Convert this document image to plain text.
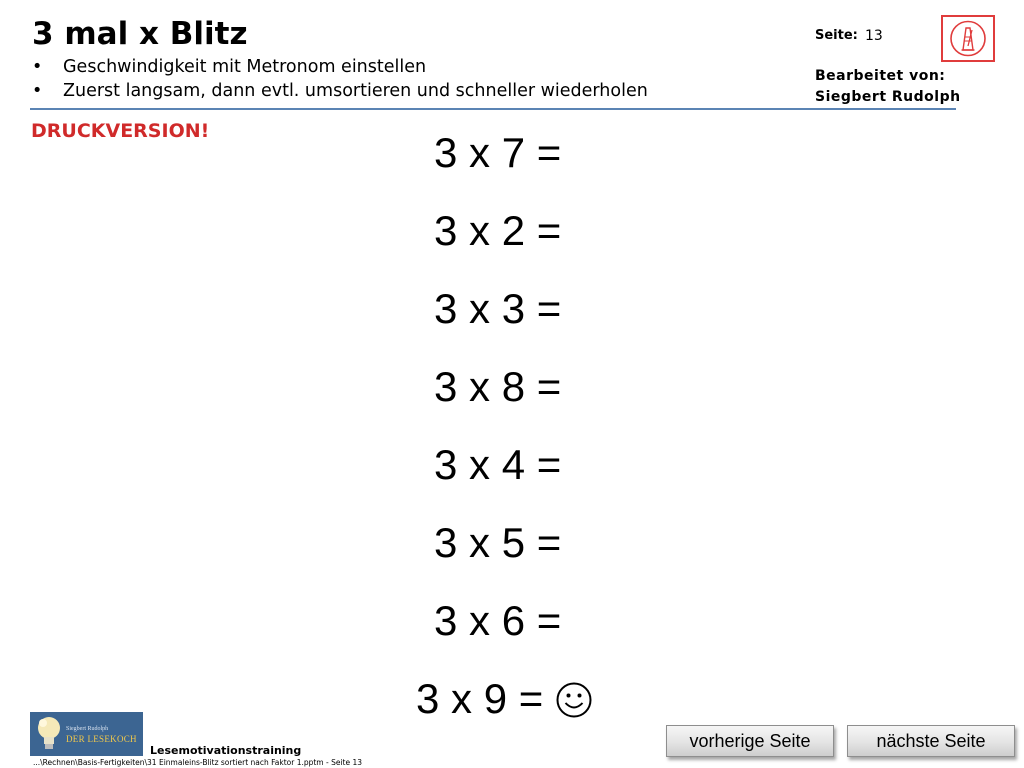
3 mal x Blitz
• Geschwindigkeit mit Metronom einstellen
• Zuerst langsam, dann evtl. umsortieren und schneller wiederholen
DRUCKVERSION!
Seite: 13
Bearbeitet von:
Siegbert Rudolph
3 x 7 =
3 x 2 =
3 x 3 =
3 x 8 =
3 x 4 =
3 x 5 =
3 x 6 =
3 x 9 =
Siegbert Rudolph
DER LESEKOCH
Lesemotivationstraining
...\Rechnen\Basis-Fertigkeiten\31 Einmaleins-Blitz sortiert nach Faktor 1.pptm - Seite 13
vorherige Seite	nächste Seite
